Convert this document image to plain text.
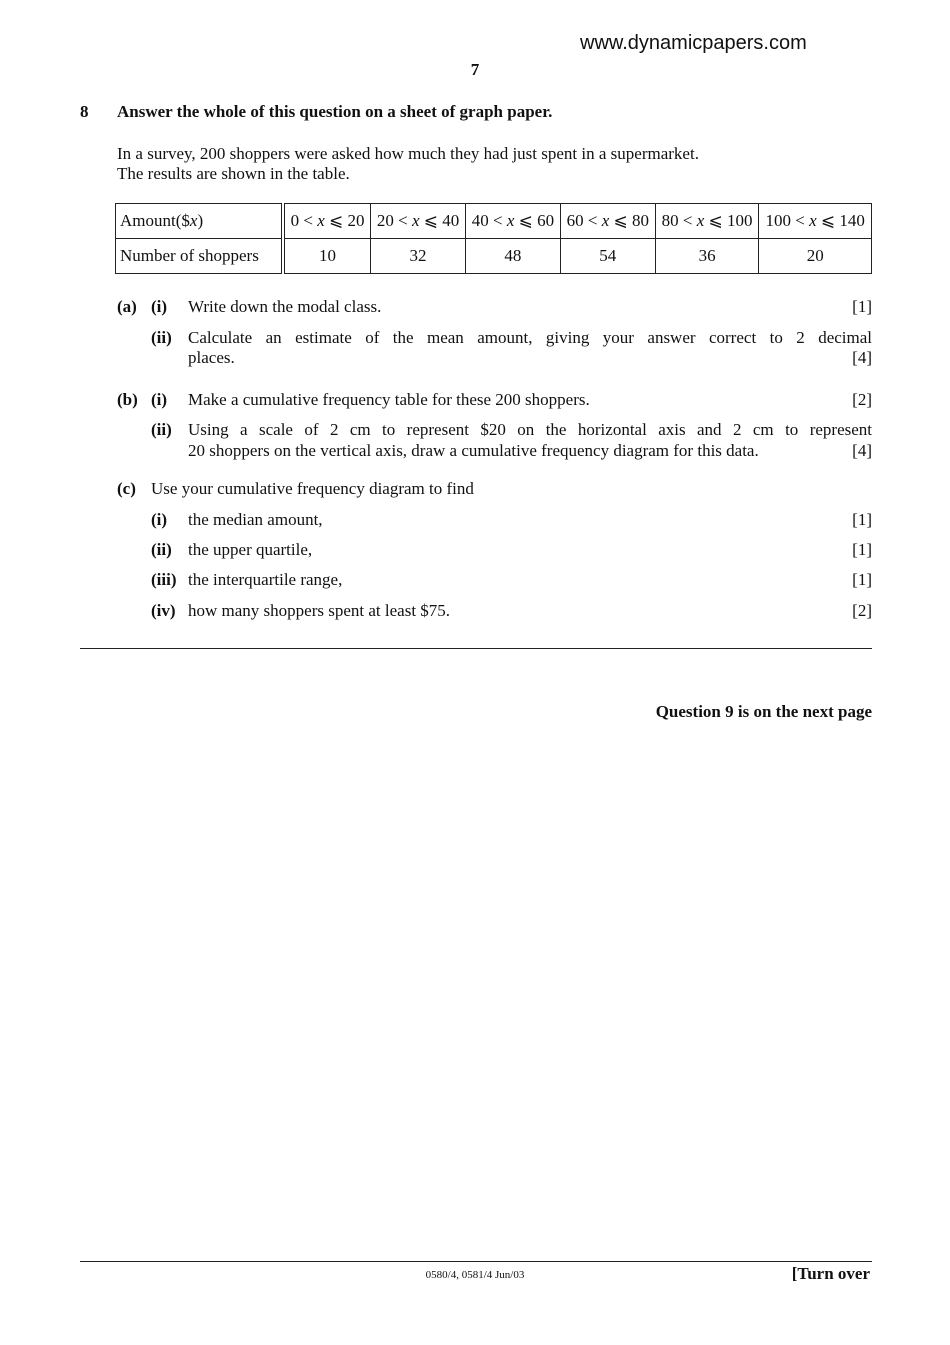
www.dynamicpapers.com
7
8 Answer the whole of this question on a sheet of graph paper.
In a survey, 200 shoppers were asked how much they had just spent in a supermarket.
The results are shown in the table.
Amount($x)	0 < x ⩽ 20	20 < x ⩽ 40	40 < x ⩽ 60	60 < x ⩽ 80	80 < x ⩽ 100	100 < x ⩽ 140
Number of shoppers	10	32	48	54	36	20
(a) (i) Write down the modal class.	[1]
(ii) Calculate an estimate of the mean amount, giving your answer correct to 2 decimal
places.	[4]
(b) (i) Make a cumulative frequency table for these 200 shoppers.	[2]
(ii) Using a scale of 2 cm to represent $20 on the horizontal axis and 2 cm to represent
20 shoppers on the vertical axis, draw a cumulative frequency diagram for this data.	[4]
(c) Use your cumulative frequency diagram to find
(i) the median amount,	[1]
(ii) the upper quartile,	[1]
(iii) the interquartile range,	[1]
(iv) how many shoppers spent at least $75.	[2]
Question 9 is on the next page
0580/4, 0581/4 Jun/03	[Turn over
